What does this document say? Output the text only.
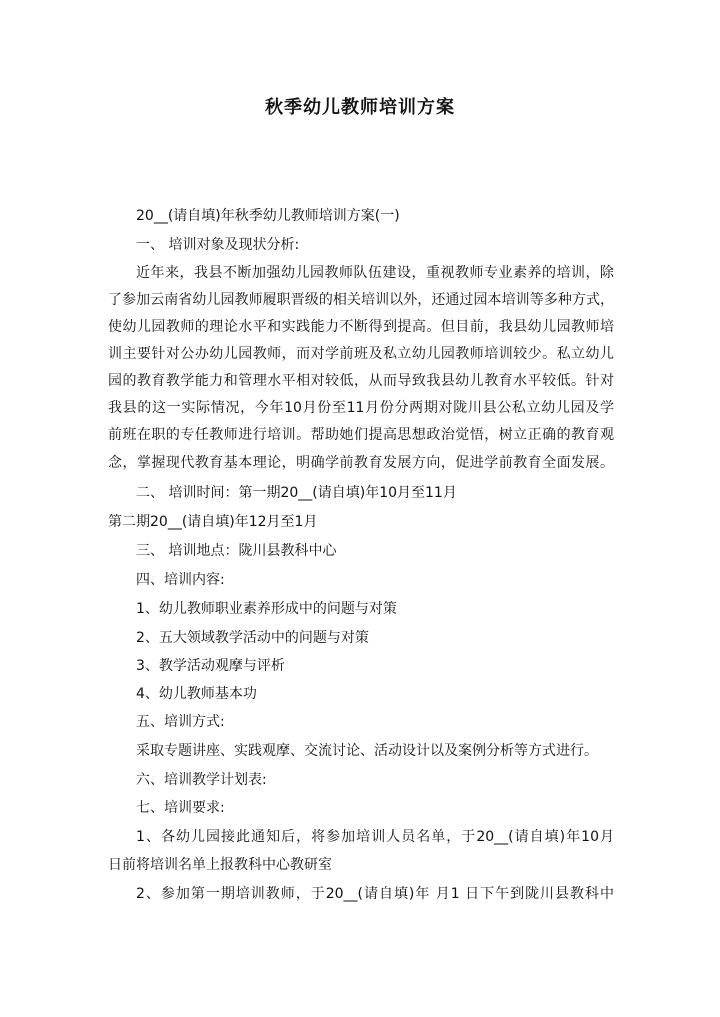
秋季幼儿教师培训方案
20__(请自填)年秋季幼儿教师培训方案(一)
一、 培训对象及现状分析:
近年来，我县不断加强幼儿园教师队伍建设，重视教师专业素养的培训，除
了参加云南省幼儿园教师履职晋级的相关培训以外，还通过园本培训等多种方式，
使幼儿园教师的理论水平和实践能力不断得到提高。但目前，我县幼儿园教师培
训主要针对公办幼儿园教师，而对学前班及私立幼儿园教师培训较少。私立幼儿
园的教育教学能力和管理水平相对较低，从而导致我县幼儿教育水平较低。针对
我县的这一实际情况，今年10月份至11月份分两期对陇川县公私立幼儿园及学
前班在职的专任教师进行培训。帮助她们提高思想政治觉悟，树立正确的教育观
念，掌握现代教育基本理论，明确学前教育发展方向，促进学前教育全面发展。
二、 培训时间：第一期20__(请自填)年10月至11月
第二期20__(请自填)年12月至1月
三、 培训地点：陇川县教科中心
四、培训内容:
1、幼儿教师职业素养形成中的问题与对策
2、五大领域教学活动中的问题与对策
3、教学活动观摩与评析
4、幼儿教师基本功
五、培训方式:
采取专题讲座、实践观摩、交流讨论、活动设计以及案例分析等方式进行。
六、培训教学计划表:
七、培训要求:
1、各幼儿园接此通知后，将参加培训人员名单，于20__(请自填)年10月
日前将培训名单上报教科中心教研室
2、参加第一期培训教师，于20__(请自填)年 月1 日下午到陇川县教科中
